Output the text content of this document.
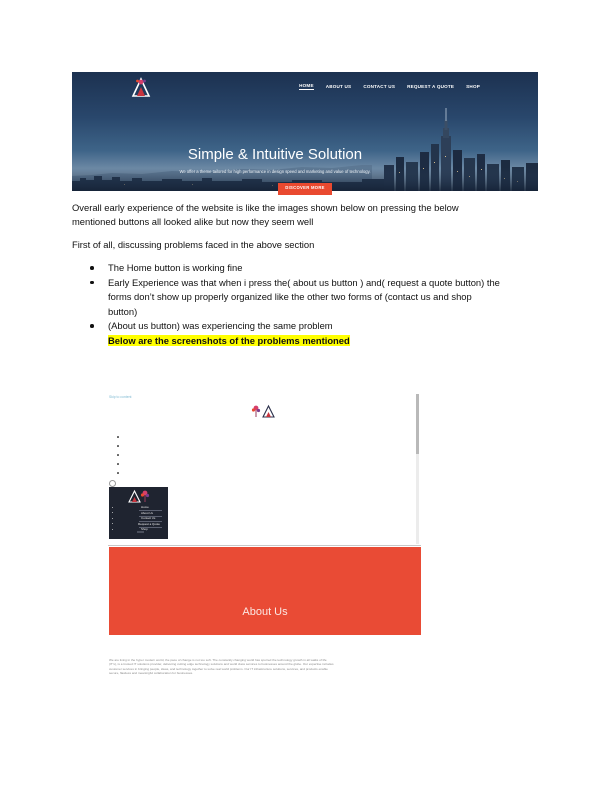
HOME	ABOUT US	CONTACT US	REQUEST A QUOTE	SHOP
Simple & Intuitive Solution
We offer a theme tailored for high performance in design speed and marketing and value of technology.
DISCOVER MORE
Overall early experience of the website is like the images shown below on pressing the below
mentioned buttons all looked alike but now they seem well
First of all, discussing problems faced in the above section
The Home button is working fine
Early Experience was that when i press the( about us button ) and( request a quote button) the
forms don’t show up properly organized like the other two forms of (contact us and shop
button)
(About us button) was experiencing the same problem
Below are the screenshots of the problems mentioned
Skip to content
Home
About Us
Contact Us
Request a Quote
Shop
About Us
We are living in the hyper modern world, the pace of change is not too soft. The constantly changing world has spurred the technology growth in all walks of life
(IT's), is a trusted IT solutions provider, delivering cutting edge technology solutions and world class services to businesses around the globe. Our expertise includes
customer services in bringing people, ideas, and technology together to solve real world problems. Our IT infrastructure solutions, services, and products enable
secure, flawless and meaningful collaboration for businesses.
